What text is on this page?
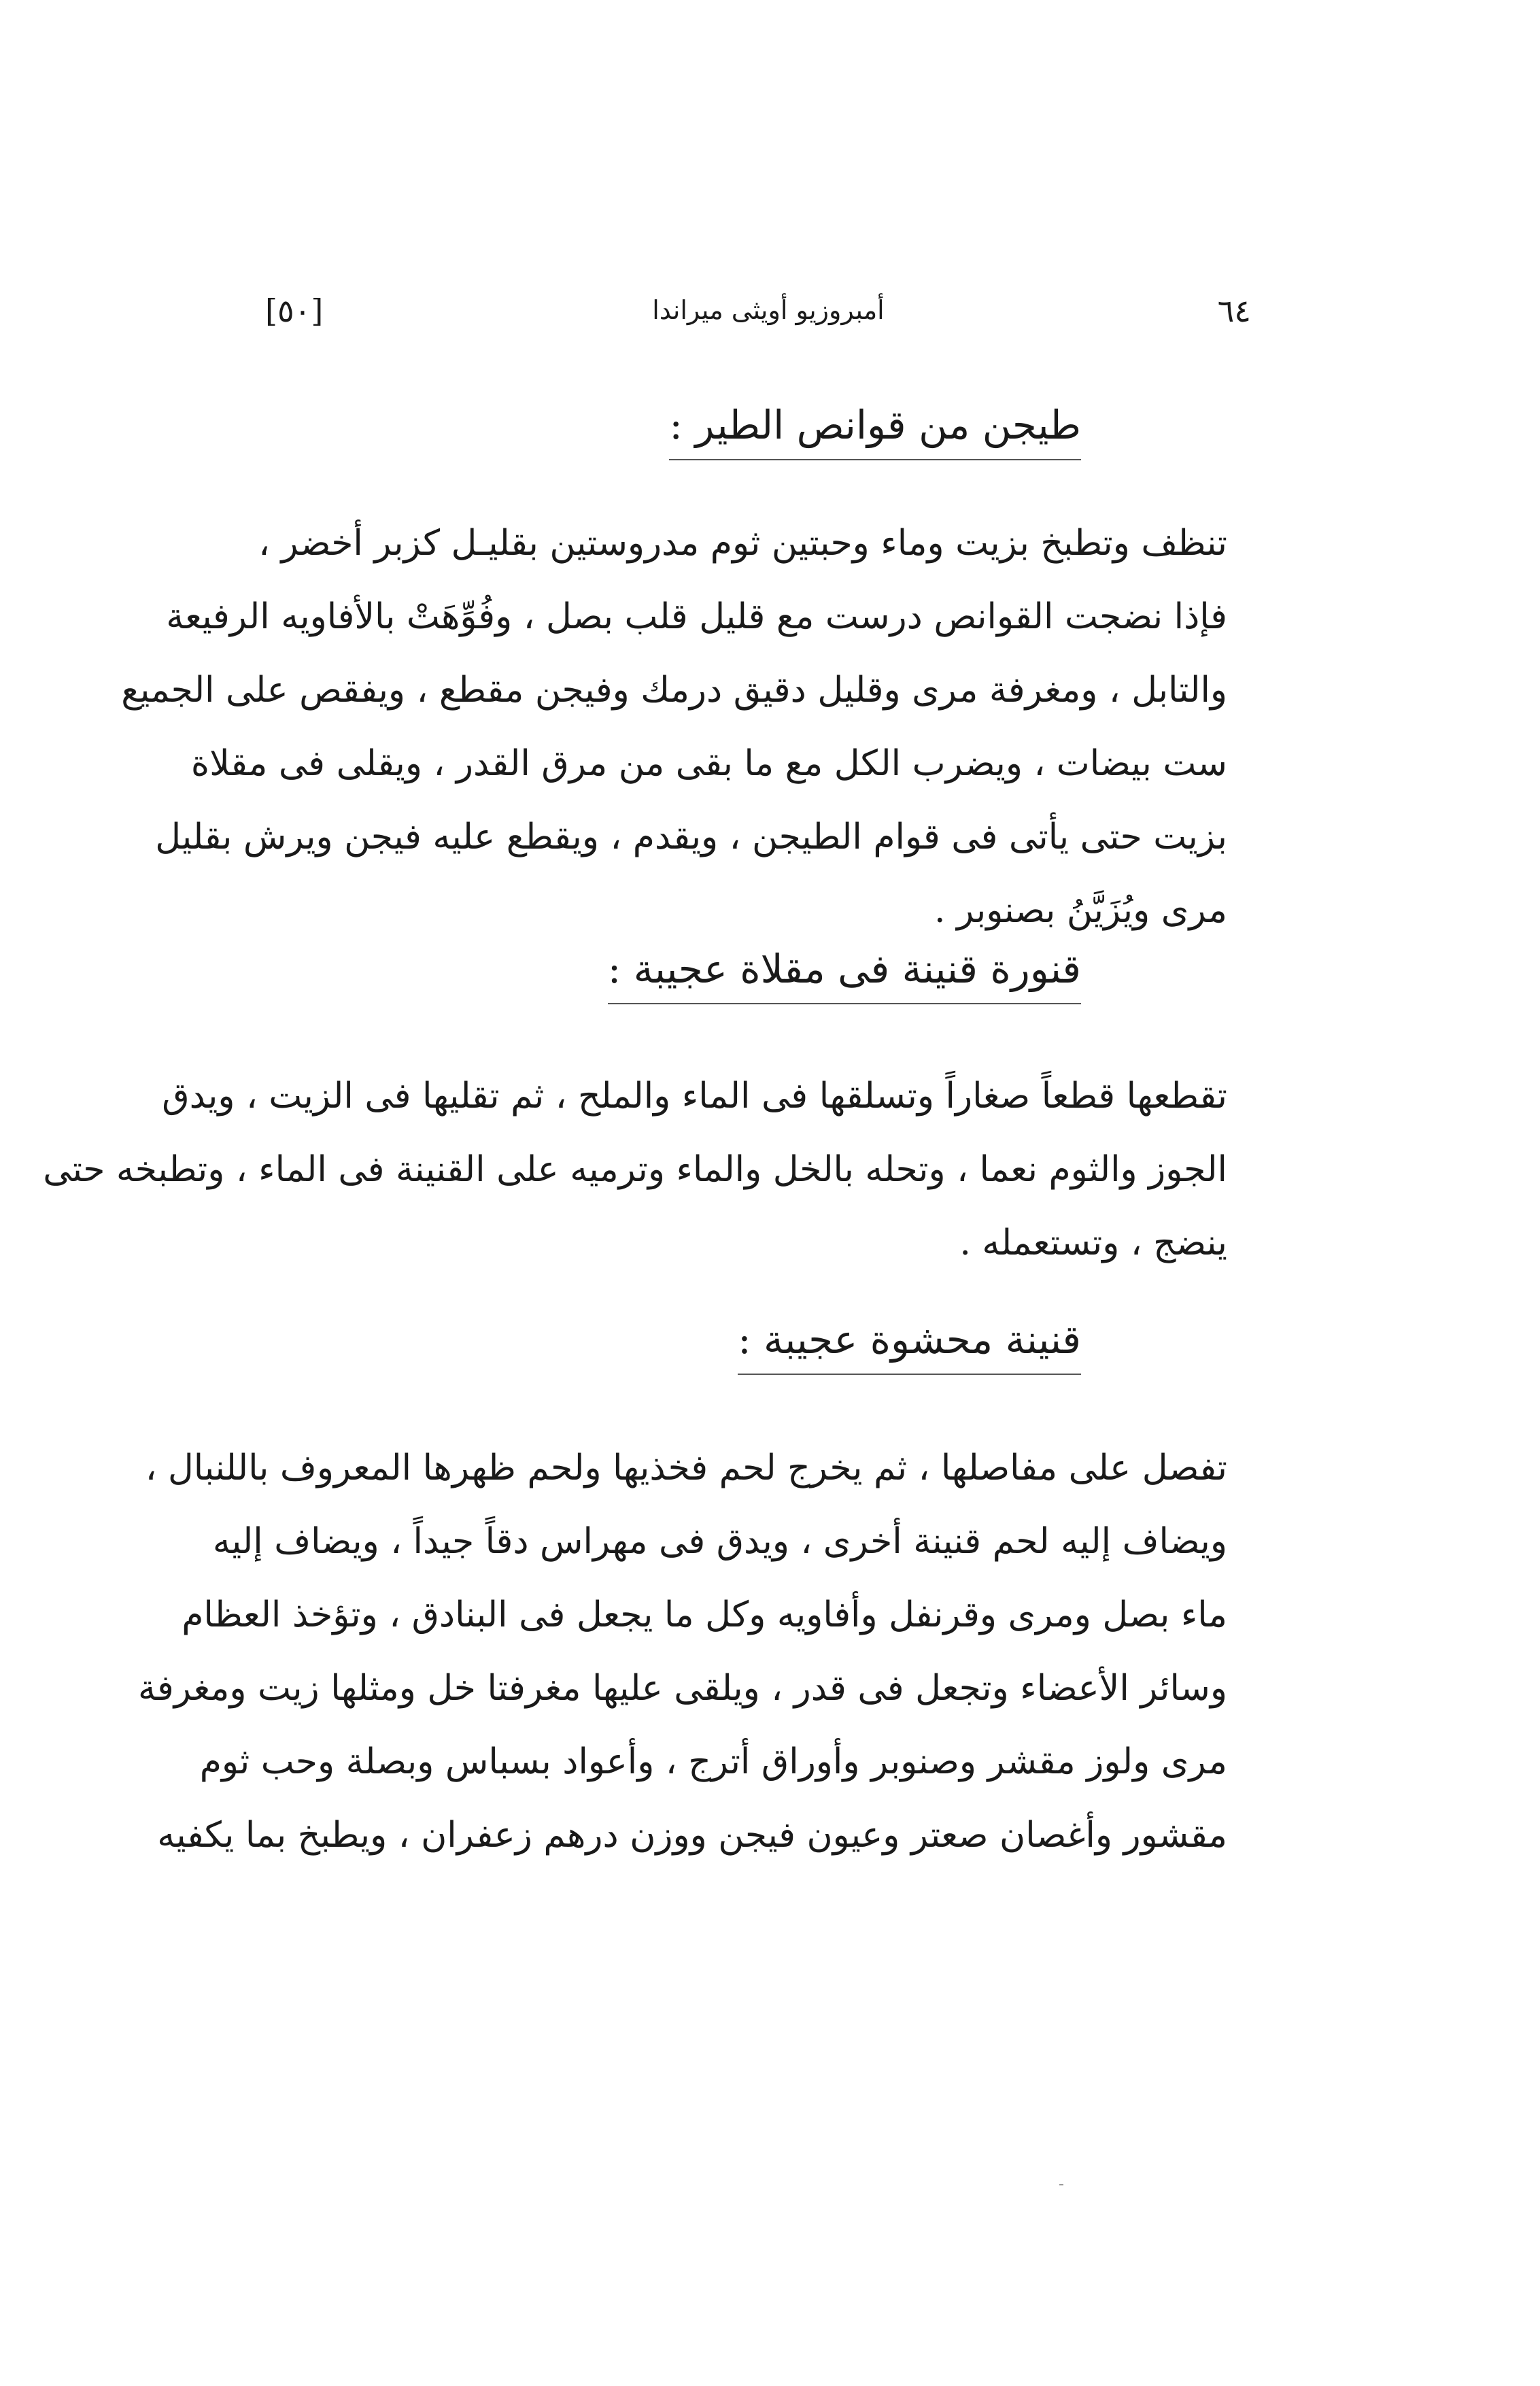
[٥٠]	أمبروزيو أويثى ميراندا	٦٤
طيجن من قوانص الطير :
تنظف وتطبخ بزيت وماء وحبتين ثوم مدروستين بقليـل كزبر أخضر ،
فإذا نضجت القوانص درست مع قليل قلب بصل ، وفُوِّهَتْ بالأفاويه الرفيعة
والتابل ، ومغرفة مرى وقليل دقيق درمك وفيجن مقطع ، ويفقص على الجميع
ست بيضات ، ويضرب الكل مع ما بقى من مرق القدر ، ويقلى فى مقلاة
بزيت حتى يأتى فى قوام الطيجن ، ويقدم ، ويقطع عليه فيجن ويرش بقليل
مرى ويُزَيَّنُ بصنوبر .
قنورة قنينة فى مقلاة عجيبة :
تقطعها قطعاً صغاراً وتسلقها فى الماء والملح ، ثم تقليها فى الزيت ، ويدق
الجوز والثوم نعما ، وتحله بالخل والماء وترميه على القنينة فى الماء ، وتطبخه حتى
ينضج ، وتستعمله .
قنينة محشوة عجيبة :
تفصل على مفاصلها ، ثم يخرج لحم فخذيها ولحم ظهرها المعروف باللنبال ،
ويضاف إليه لحم قنينة أخرى ، ويدق فى مهراس دقاً جيداً ، ويضاف إليه
ماء بصل ومرى وقرنفل وأفاويه وكل ما يجعل فى البنادق ، وتؤخذ العظام
وسائر الأعضاء وتجعل فى قدر ، ويلقى عليها مغرفتا خل ومثلها زيت ومغرفة
مرى ولوز مقشر وصنوبر وأوراق أترج ، وأعواد بسباس وبصلة وحب ثوم
مقشور وأغصان صعتر وعيون فيجن ووزن درهم زعفران ، ويطبخ بما يكفيه
